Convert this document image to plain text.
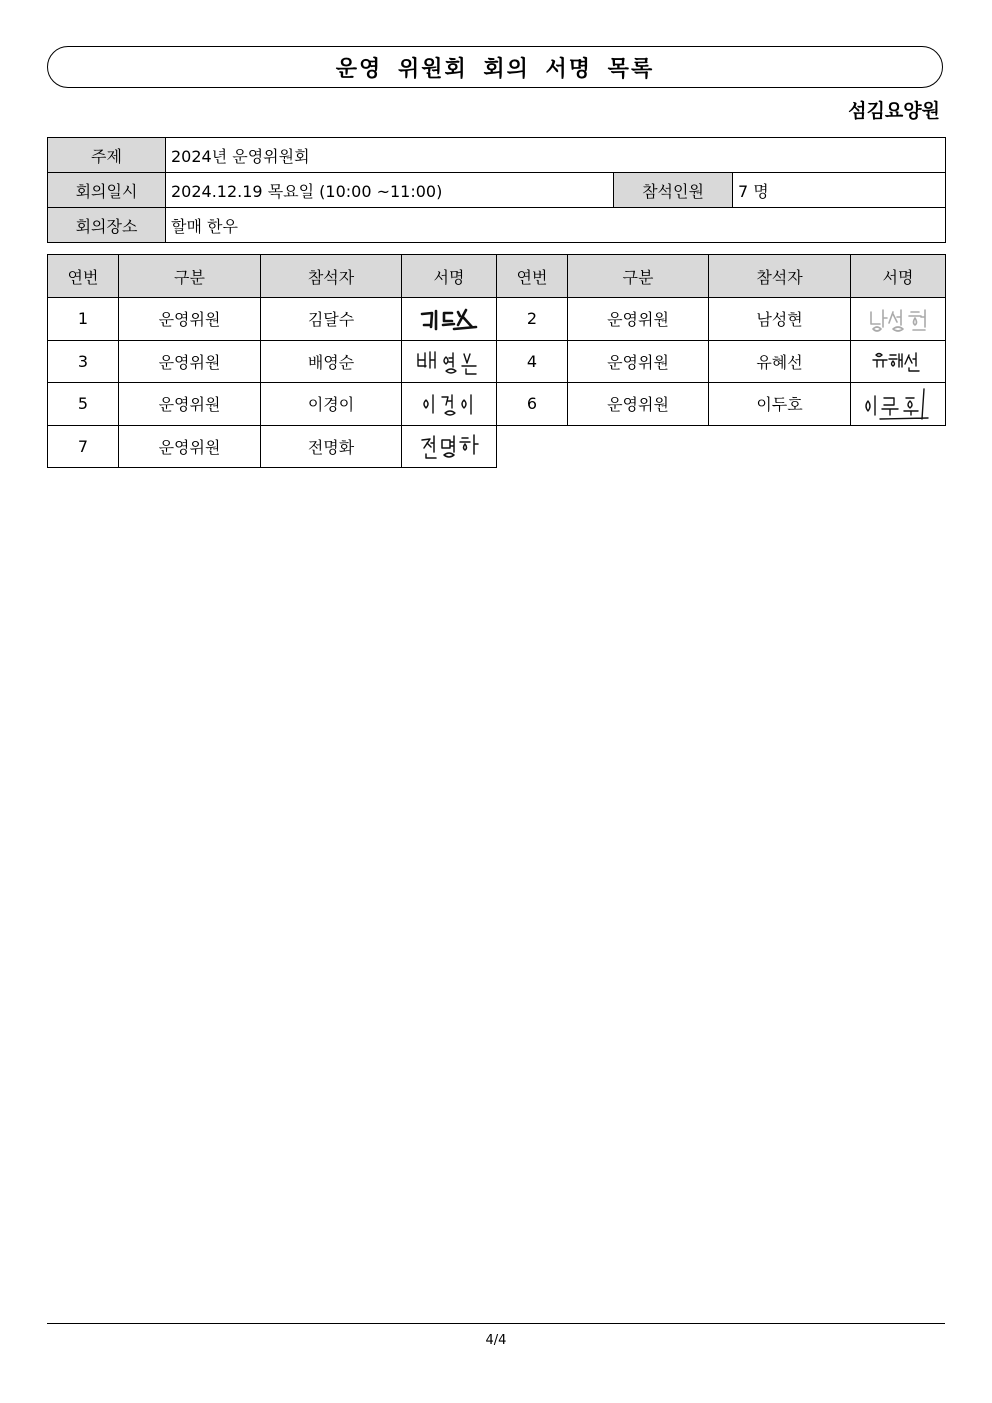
운영 위원회 회의 서명 목록
섬김요양원
주제	2024년 운영위원회		
회의일시	2024.12.19 목요일 (10:00 ~11:00)	참석인원	7 명
회의장소	할매 한우		
연번	구분	참석자	서명	연번	구분	참석자	서명
1	운영위원	김달수		2	운영위원	남성현	

3	운영위원	배영순		4	운영위원	유혜선	

5	운영위원	이경이		6	운영위원	이두호	

7	운영위원	전명화	

4/4
